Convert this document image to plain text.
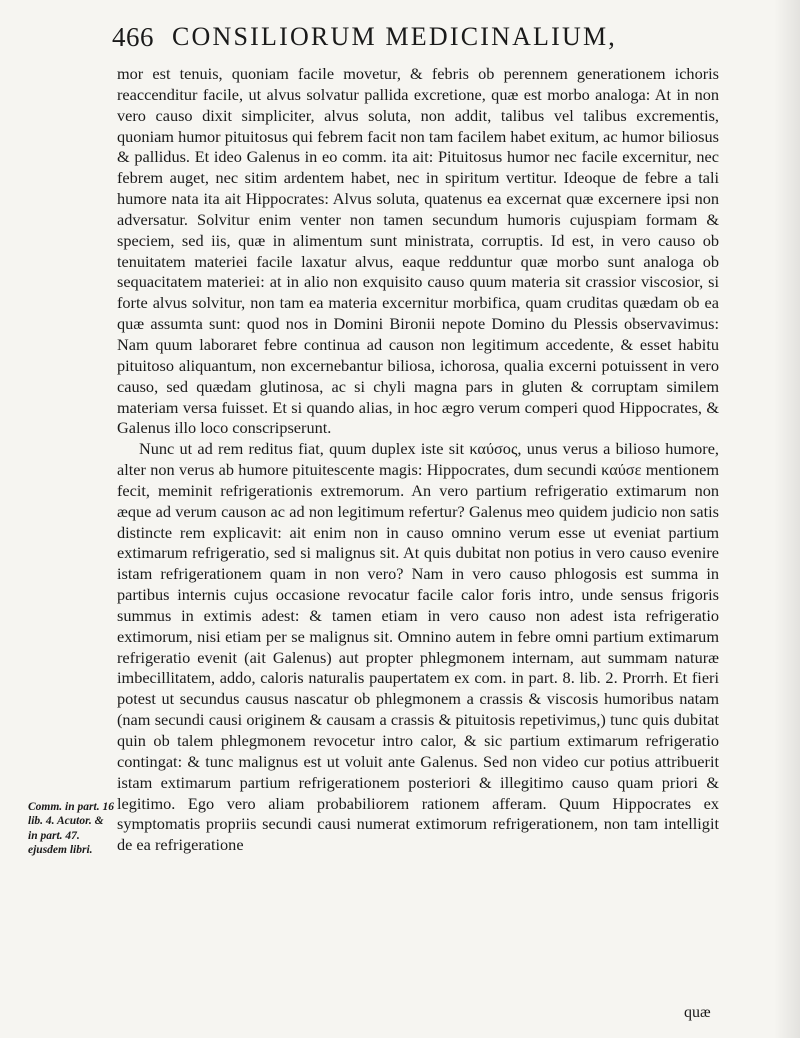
466 CONSILIORUM MEDICINALIUM,

mor est tenuis, quoniam facile movetur, & febris ob perennem generationem ichoris reaccenditur facile, ut alvus solvatur pallida excretione, quæ est morbo analoga: At in non vero causo dixit simpliciter, alvus soluta, non addit, talibus vel talibus excrementis, quoniam humor pituitosus qui febrem facit non tam facilem habet exitum, ac humor biliosus & pallidus. Et ideo Galenus in eo comm. ita ait: Pituitosus humor nec facile excernitur, nec febrem auget, nec sitim ardentem habet, nec in spiritum vertitur. Ideoque de febre a tali humore nata ita ait Hippocrates: Alvus soluta, quatenus ea excernat quæ excernere ipsi non adversatur. Solvitur enim venter non tamen secundum humoris cujuspiam formam & speciem, sed iis, quæ in alimentum sunt ministrata, corruptis. Id est, in vero causo ob tenuitatem materiei facile laxatur alvus, eaque redduntur quæ morbo sunt analoga ob sequacitatem materiei: at in alio non exquisito causo quum materia sit crassior viscosior, si forte alvus solvitur, non tam ea materia excernitur morbifica, quam cruditas quædam ob ea quæ assumta sunt: quod nos in Domini Bironii nepote Domino du Plessis observavimus: Nam quum laboraret febre continua ad causon non legitimum accedente, & esset habitu pituitoso aliquantum, non excernebantur biliosa, ichorosa, qualia excerni potuissent in vero causo, sed quædam glutinosa, ac si chyli magna pars in gluten & corruptam similem materiam versa fuisset. Et si quando alias, in hoc ægro verum comperi quod Hippocrates, & Galenus illo loco conscripserunt.

Nunc ut ad rem reditus fiat, quum duplex iste sit καύσος, unus verus a bilioso humore, alter non verus ab humore pituitescente magis: Hippocrates, dum secundi καύσε mentionem fecit, meminit refrigerationis extremorum. An vero partium refrigeratio extimarum non æque ad verum causon ac ad non legitimum refertur? Galenus meo quidem judicio non satis distincte rem explicavit: ait enim non in causo omnino verum esse ut eveniat partium extimarum refrigeratio, sed si malignus sit. At quis dubitat non potius in vero causo evenire istam refrigerationem quam in non vero? Nam in vero causo phlogosis est summa in partibus internis cujus occasione revocatur facile calor foris intro, unde sensus frigoris summus in extimis adest: & tamen etiam in vero causo non adest ista refrigeratio extimorum, nisi etiam per se malignus sit. Omnino autem in febre omni partium extimarum refrigeratio evenit (ait Galenus) aut propter phlegmonem internam, aut summam naturæ imbecillitatem, addo, caloris naturalis paupertatem ex com. in part. 8. lib. 2. Prorrh. Et fieri potest ut secundus causus nascatur ob phlegmonem a crassis & viscosis humoribus natam (nam secundi causi originem & causam a crassis & pituitosis repetivimus,) tunc quis dubitat quin ob talem phlegmonem revocetur intro calor, & sic partium extimarum refrigeratio contingat: & tunc malignus est ut voluit ante Galenus. Sed non video cur potius attribuerit istam extimarum partium refrigerationem posteriori & illegitimo causo quam priori & legitimo. Ego vero aliam probabiliorem rationem afferam. Quum Hippocrates ex symptomatis propriis secundi causi numerat extimorum refrigerationem, non tam intelligit de ea refrigeratione

quæ
Comm. in part. 16 lib. 4. Acutor. & in part. 47. ejusdem libri.
